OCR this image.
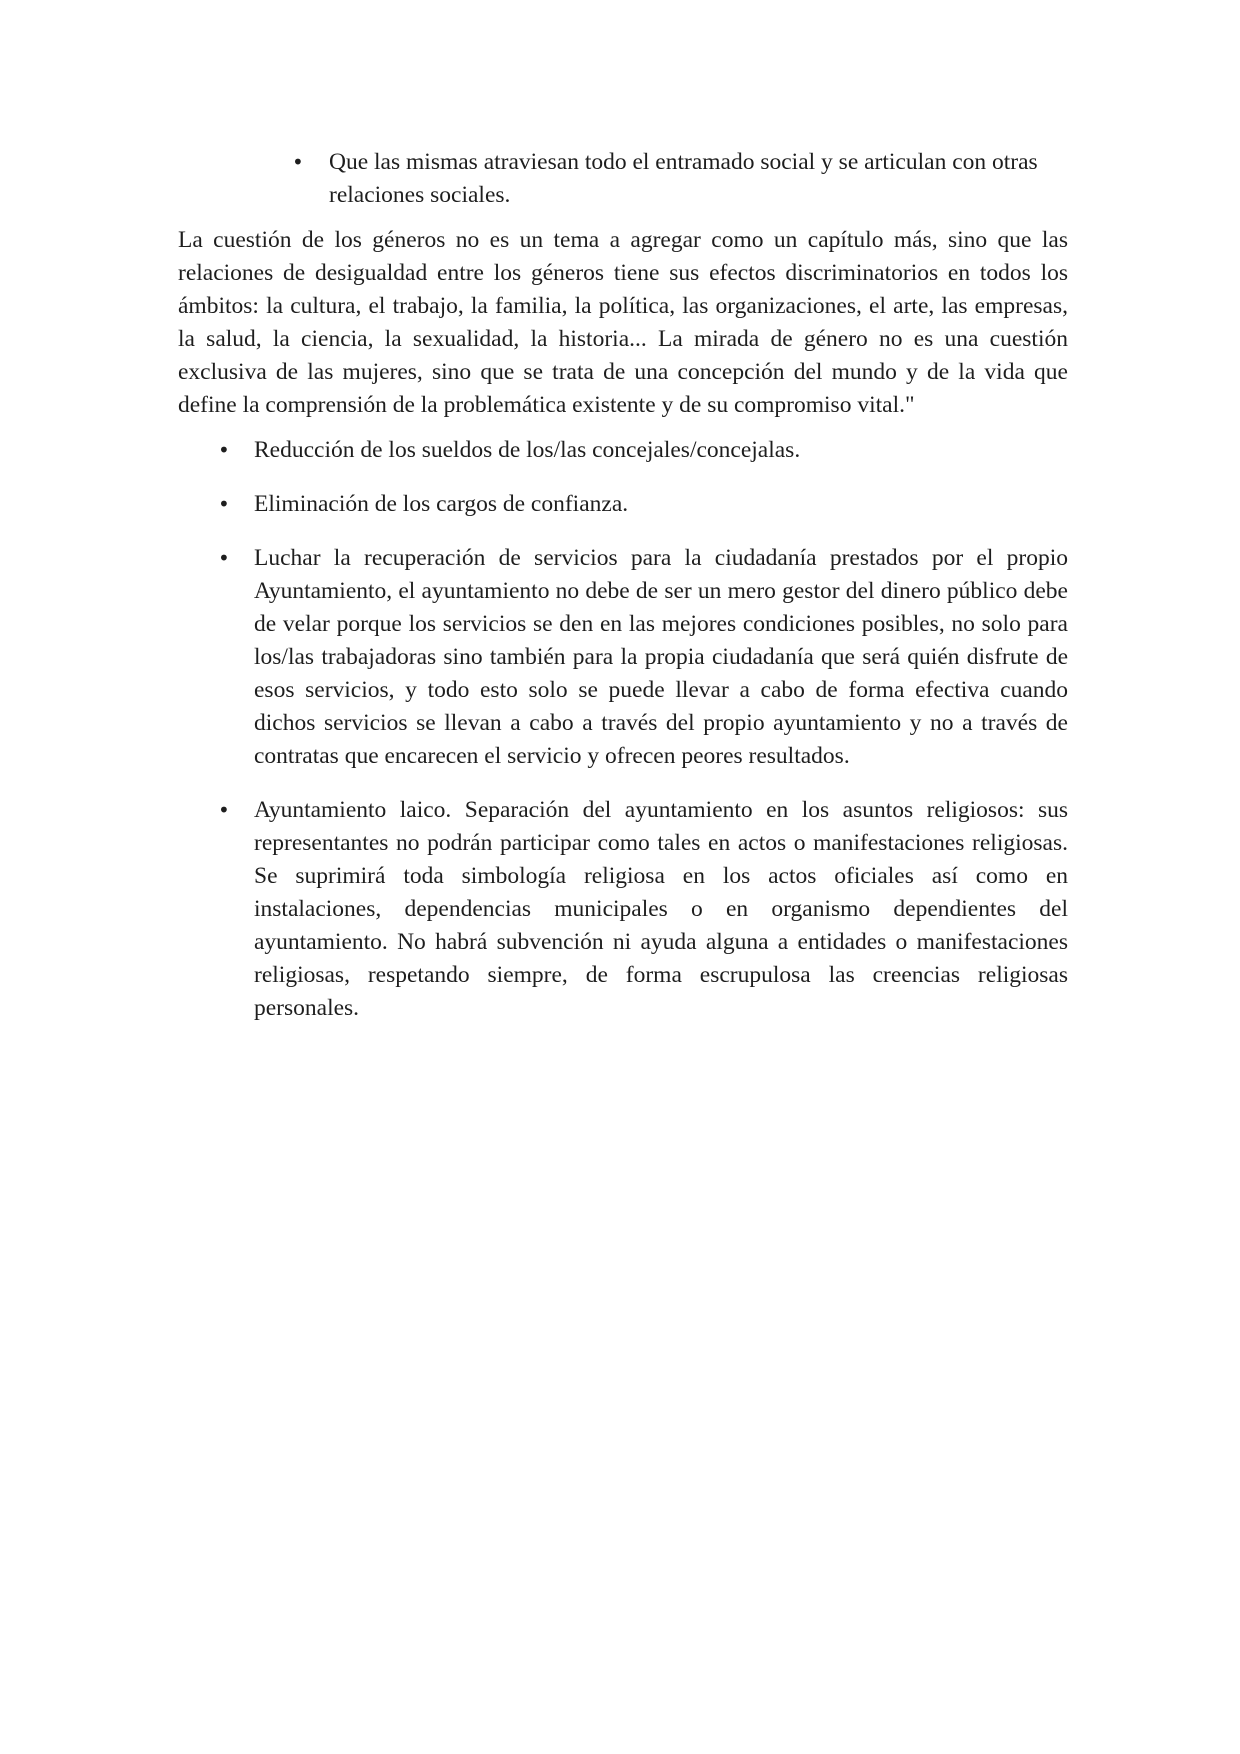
• Que las mismas atraviesan todo el entramado social y se articulan con otras relaciones sociales.

La cuestión de los géneros no es un tema a agregar como un capítulo más, sino que las relaciones de desigualdad entre los géneros tiene sus efectos discriminatorios en todos los ámbitos: la cultura, el trabajo, la familia, la política, las organizaciones, el arte, las empresas, la salud, la ciencia, la sexualidad, la historia... La mirada de género no es una cuestión exclusiva de las mujeres, sino que se trata de una concepción del mundo y de la vida que define la comprensión de la problemática existente y de su compromiso vital."

• Reducción de los sueldos de los/las concejales/concejalas.
• Eliminación de los cargos de confianza.
• Luchar la recuperación de servicios para la ciudadanía prestados por el propio Ayuntamiento, el ayuntamiento no debe de ser un mero gestor del dinero público debe de velar porque los servicios se den en las mejores condiciones posibles, no solo para los/las trabajadoras sino también para la propia ciudadanía que será quién disfrute de esos servicios, y todo esto solo se puede llevar a cabo de forma efectiva cuando dichos servicios se llevan a cabo a través del propio ayuntamiento y no a través de contratas que encarecen el servicio y ofrecen peores resultados.
• Ayuntamiento laico. Separación del ayuntamiento en los asuntos religiosos: sus representantes no podrán participar como tales en actos o manifestaciones religiosas. Se suprimirá toda simbología religiosa en los actos oficiales así como en instalaciones, dependencias municipales o en organismo dependientes del ayuntamiento. No habrá subvención ni ayuda alguna a entidades o manifestaciones religiosas, respetando siempre, de forma escrupulosa las creencias religiosas personales.
